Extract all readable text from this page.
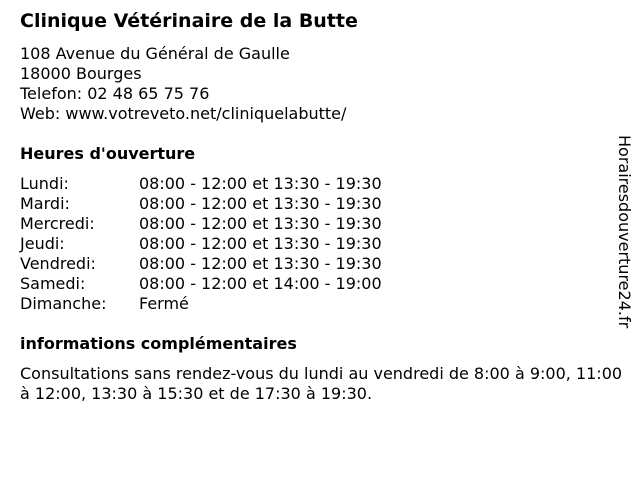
Clinique Vétérinaire de la Butte
108 Avenue du Général de Gaulle
18000 Bourges
Telefon: 02 48 65 75 76
Web: www.votreveto.net/cliniquelabutte/
Heures d'ouverture
Lundi:	08:00 - 12:00 et 13:30 - 19:30
Mardi:	08:00 - 12:00 et 13:30 - 19:30
Mercredi:	08:00 - 12:00 et 13:30 - 19:30
Jeudi:	08:00 - 12:00 et 13:30 - 19:30
Vendredi:	08:00 - 12:00 et 13:30 - 19:30
Samedi:	08:00 - 12:00 et 14:00 - 19:00
Dimanche: Fermé
informations complémentaires
Consultations sans rendez-vous du lundi au vendredi de 8:00 à 9:00, 11:00 à 12:00, 13:30 à 15:30 et de 17:30 à 19:30.
Horairesdouverture24.fr
